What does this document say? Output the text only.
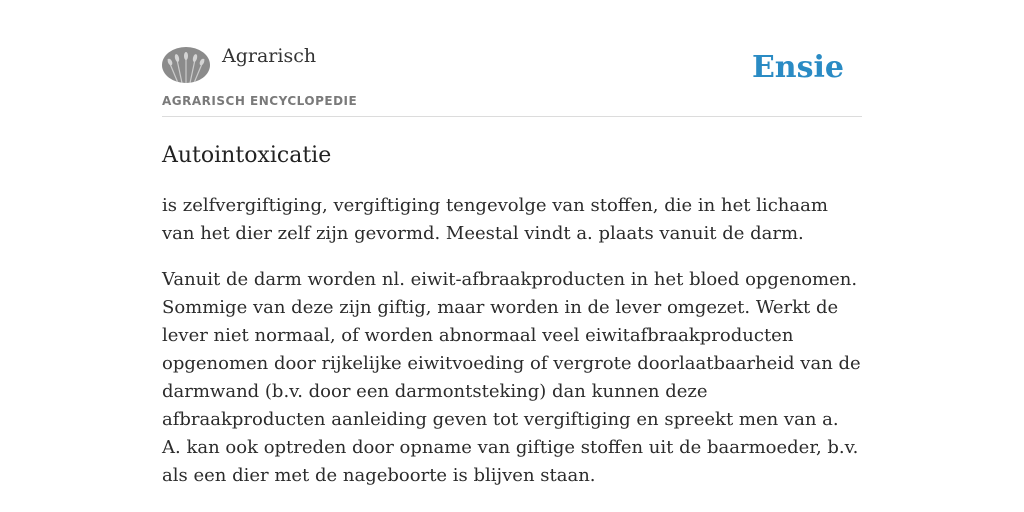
Agrarisch
AGRARISCH ENCYCLOPEDIE
Ensie
Autointoxicatie

is zelfvergiftiging, vergiftiging tengevolge van stoffen, die in het lichaam van het dier zelf zijn gevormd. Meestal vindt a. plaats vanuit de darm.

Vanuit de darm worden nl. eiwit-afbraakproducten in het bloed opgenomen. Sommige van deze zijn giftig, maar worden in de lever omgezet. Werkt de lever niet normaal, of worden abnormaal veel eiwitafbraakproducten opgenomen door rijkelijke eiwitvoeding of vergrote doorlaatbaarheid van de darmwand (b.v. door een darmontsteking) dan kunnen deze afbraakproducten aanleiding geven tot vergiftiging en spreekt men van a. A. kan ook optreden door opname van giftige stoffen uit de baarmoeder, b.v. als een dier met de nageboorte is blijven staan.
